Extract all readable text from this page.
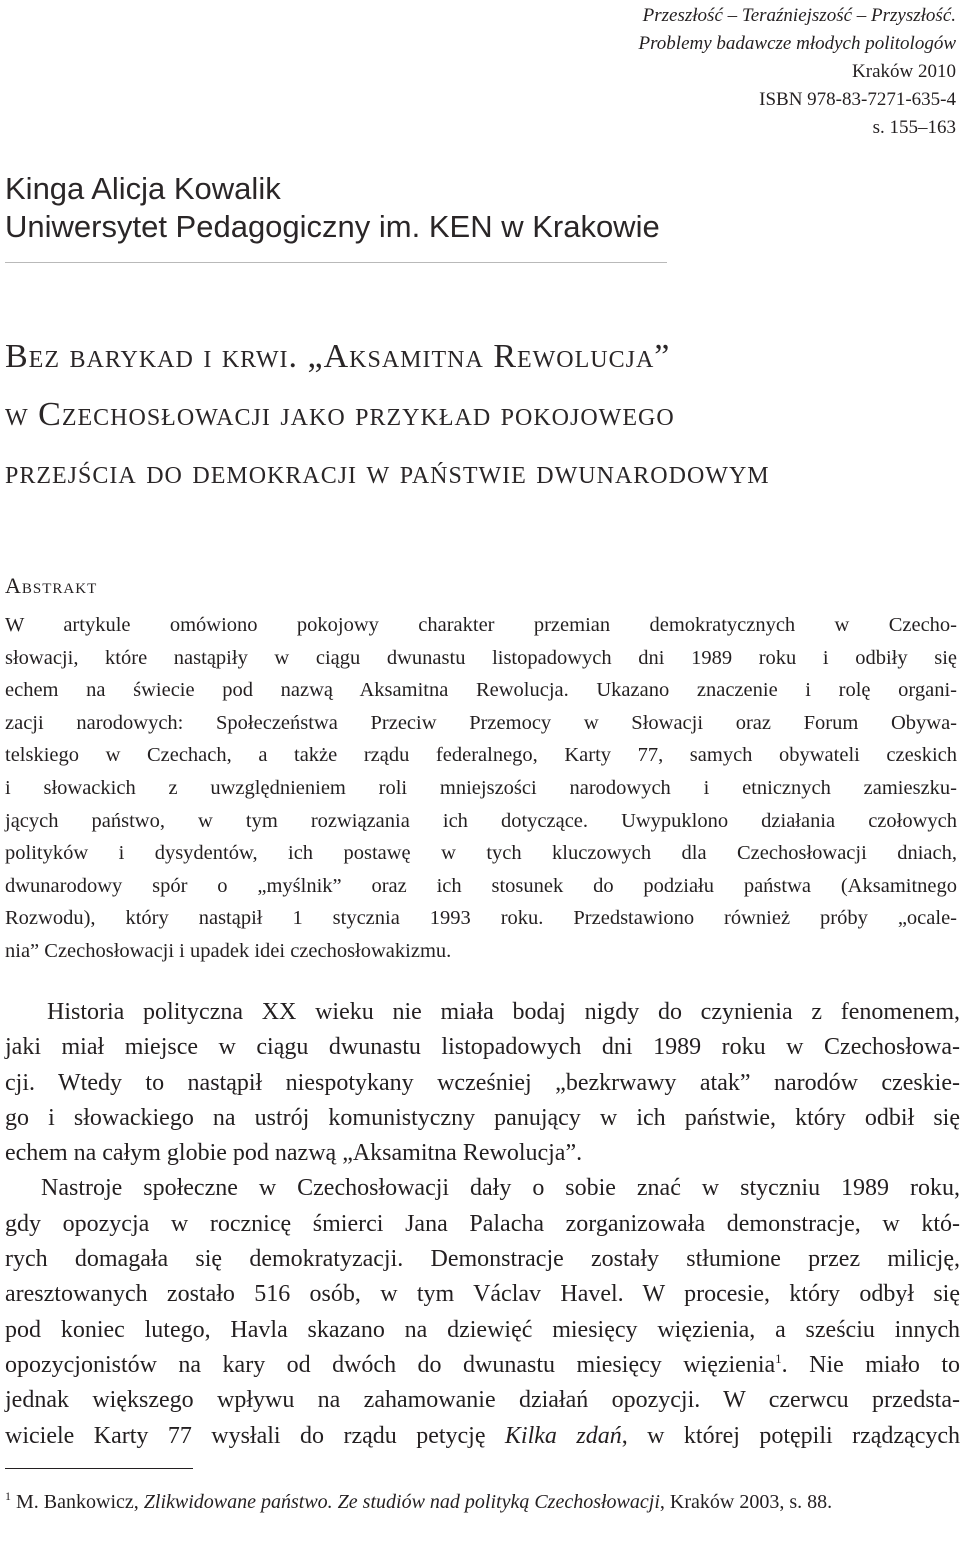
Przeszłość – Teraźniejszość – Przyszłość.
Problemy badawcze młodych politologów
Kraków 2010
ISBN 978-83-7271-635-4
s. 155–163
Kinga Alicja Kowalik
Uniwersytet Pedagogiczny im. KEN w Krakowie
Bez barykad i krwi. „Aksamitna Rewolucja”
w Czechosłowacji jako przykład pokojowego
przejścia do demokracji w państwie dwunarodowym
Abstrakt
W artykule omówiono pokojowy charakter przemian demokratycznych w Czecho-
słowacji, które nastąpiły w ciągu dwunastu listopadowych dni 1989 roku i odbiły się
echem na świecie pod nazwą Aksamitna Rewolucja. Ukazano znaczenie i rolę organi-
zacji narodowych: Społeczeństwa Przeciw Przemocy w Słowacji oraz Forum Obywa-
telskiego w Czechach, a także rządu federalnego, Karty 77, samych obywateli czeskich
i słowackich z uwzględnieniem roli mniejszości narodowych i etnicznych zamieszku-
jących państwo, w tym rozwiązania ich dotyczące. Uwypuklono działania czołowych
polityków i dysydentów, ich postawę w tych kluczowych dla Czechosłowacji dniach,
dwunarodowy spór o „myślnik” oraz ich stosunek do podziału państwa (Aksamitnego
Rozwodu), który nastąpił 1 stycznia 1993 roku. Przedstawiono również próby „ocale-
nia” Czechosłowacji i upadek idei czechosłowakizmu.
Historia polityczna XX wieku nie miała bodaj nigdy do czynienia z fenomenem,
jaki miał miejsce w ciągu dwunastu listopadowych dni 1989 roku w Czechosłowa-
cji. Wtedy to nastąpił niespotykany wcześniej „bezkrwawy atak” narodów czeskie-
go i słowackiego na ustrój komunistyczny panujący w ich państwie, który odbił się
echem na całym globie pod nazwą „Aksamitna Rewolucja”.
Nastroje społeczne w Czechosłowacji dały o sobie znać w styczniu 1989 roku,
gdy opozycja w rocznicę śmierci Jana Palacha zorganizowała demonstracje, w któ-
rych domagała się demokratyzacji. Demonstracje zostały stłumione przez milicję,
aresztowanych zostało 516 osób, w tym Václav Havel. W procesie, który odbył się
pod koniec lutego, Havla skazano na dziewięć miesięcy więzienia, a sześciu innych
opozycjonistów na kary od dwóch do dwunastu miesięcy więzienia$^1$. Nie miało to
jednak większego wpływu na zahamowanie działań opozycji. W czerwcu przedsta-
wiciele Karty 77 wysłali do rządu petycję Kilka zdań, w której potępili rządzących
$^1$ M. Bankowicz, Zlikwidowane państwo. Ze studiów nad polityką Czechosłowacji, Kraków 2003, s. 88.
